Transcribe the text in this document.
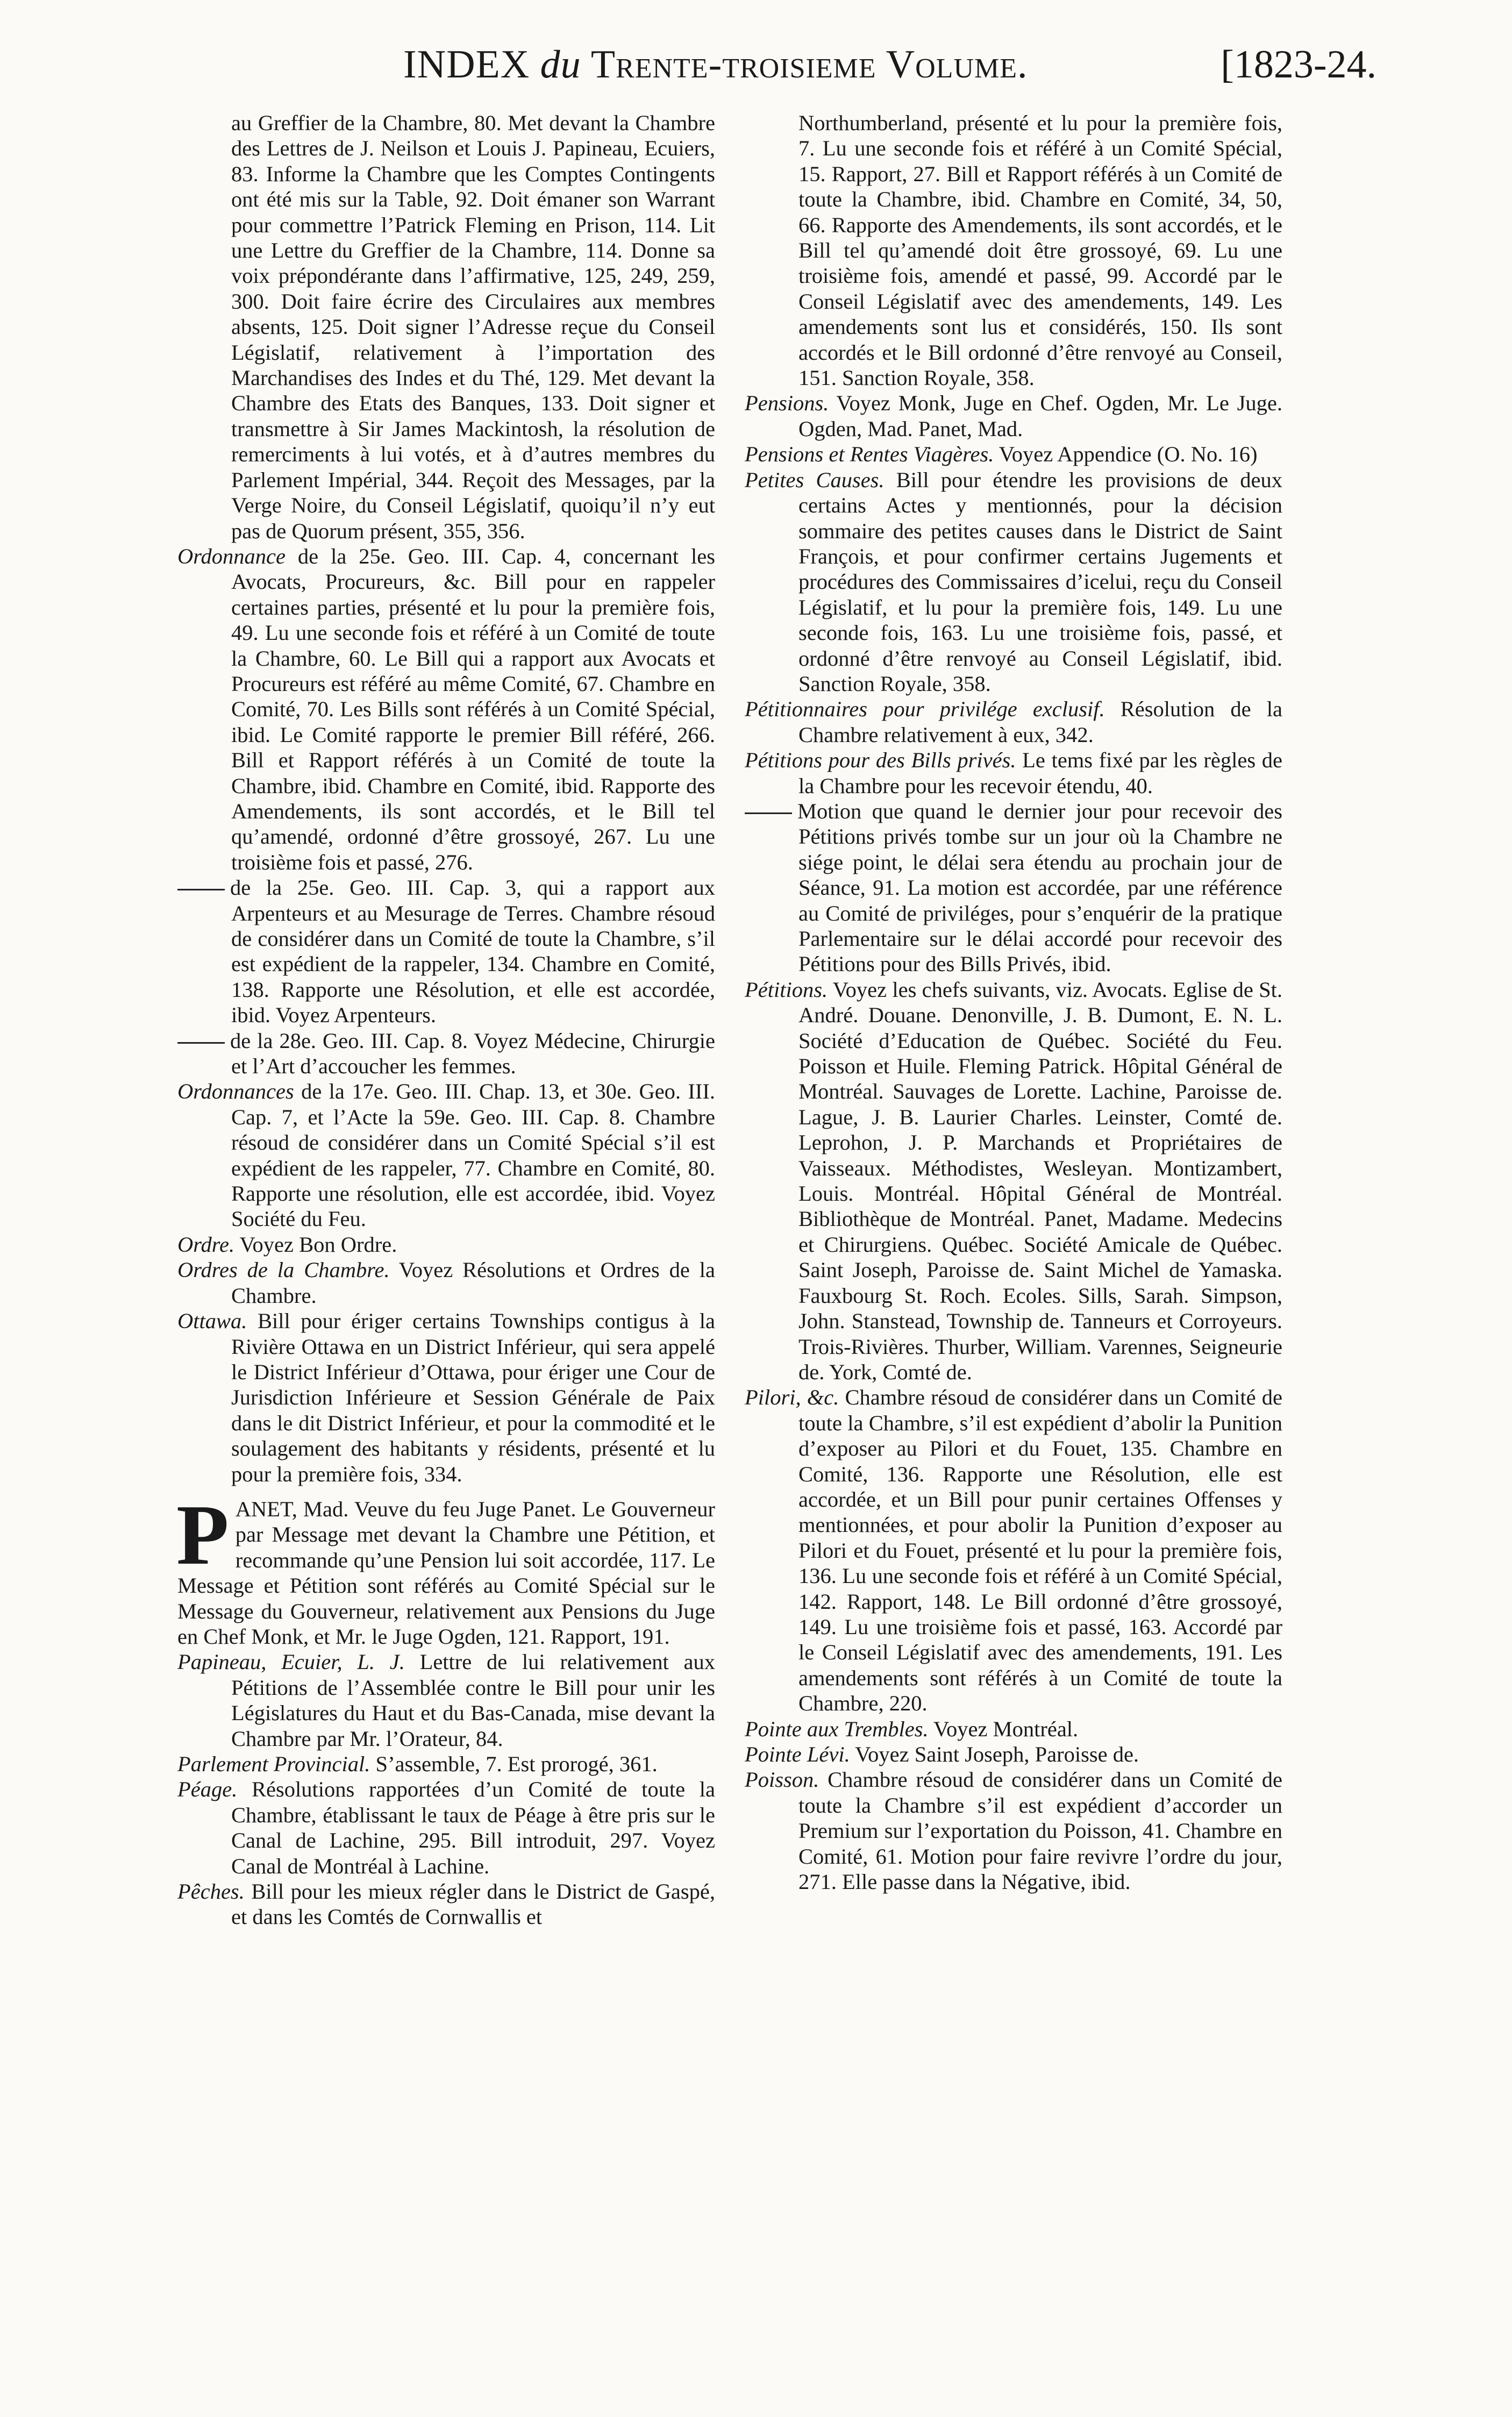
INDEX du Trente-troisieme Volume.	[1823-24.
au Greffier de la Chambre, 80. Met devant la Chambre des Lettres de J. Neilson et Louis J. Papineau, Ecuiers, 83. Informe la Chambre que les Comptes Contingents ont été mis sur la Table, 92. Doit émaner son Warrant pour commettre l’Patrick Fleming en Prison, 114. Lit une Lettre du Greffier de la Chambre, 114. Donne sa voix prépondérante dans l’affirmative, 125, 249, 259, 300. Doit faire écrire des Circulaires aux membres absents, 125. Doit signer l’Adresse reçue du Conseil Législatif, relativement à l’importation des Marchandises des Indes et du Thé, 129. Met devant la Chambre des Etats des Banques, 133. Doit signer et transmettre à Sir James Mackintosh, la résolution de remerciments à lui votés, et à d’autres membres du Parlement Impérial, 344. Reçoit des Messages, par la Verge Noire, du Conseil Législatif, quoiqu’il n’y eut pas de Quorum présent, 355, 356.
Ordonnance de la 25e. Geo. III. Cap. 4, concernant les Avocats, Procureurs, &c. Bill pour en rappeler certaines parties, présenté et lu pour la première fois, 49. Lu une seconde fois et référé à un Comité de toute la Chambre, 60. Le Bill qui a rapport aux Avocats et Procureurs est référé au même Comité, 67. Chambre en Comité, 70. Les Bills sont référés à un Comité Spécial, ibid. Le Comité rapporte le premier Bill référé, 266. Bill et Rapport référés à un Comité de toute la Chambre, ibid. Chambre en Comité, ibid. Rapporte des Amendements, ils sont accordés, et le Bill tel qu’amendé, ordonné d’être grossoyé, 267. Lu une troisième fois et passé, 276.
de la 25e. Geo. III. Cap. 3, qui a rapport aux Arpenteurs et au Mesurage de Terres. Chambre résoud de considérer dans un Comité de toute la Chambre, s’il est expédient de la rappeler, 134. Chambre en Comité, 138. Rapporte une Résolution, et elle est accordée, ibid. Voyez Arpenteurs.
de la 28e. Geo. III. Cap. 8. Voyez Médecine, Chirurgie et l’Art d’accoucher les femmes.
Ordonnances de la 17e. Geo. III. Chap. 13, et 30e. Geo. III. Cap. 7, et l’Acte la 59e. Geo. III. Cap. 8. Chambre résoud de considérer dans un Comité Spécial s’il est expédient de les rappeler, 77. Chambre en Comité, 80. Rapporte une résolution, elle est accordée, ibid. Voyez Société du Feu.
Ordre. Voyez Bon Ordre.
Ordres de la Chambre. Voyez Résolutions et Ordres de la Chambre.
Ottawa. Bill pour ériger certains Townships contigus à la Rivière Ottawa en un District Inférieur, qui sera appelé le District Inférieur d’Ottawa, pour ériger une Cour de Jurisdiction Inférieure et Session Générale de Paix dans le dit District Inférieur, et pour la commodité et le soulagement des habitants y résidents, présenté et lu pour la première fois, 334.
PANET, Mad. Veuve du feu Juge Panet. Le Gouverneur par Message met devant la Chambre une Pétition, et recommande qu’une Pension lui soit accordée, 117. Le Message et Pétition sont référés au Comité Spécial sur le Message du Gouverneur, relativement aux Pensions du Juge en Chef Monk, et Mr. le Juge Ogden, 121. Rapport, 191.
Papineau, Ecuier, L. J. Lettre de lui relativement aux Pétitions de l’Assemblée contre le Bill pour unir les Législatures du Haut et du Bas-Canada, mise devant la Chambre par Mr. l’Orateur, 84.
Parlement Provincial. S’assemble, 7. Est prorogé, 361.
Péage. Résolutions rapportées d’un Comité de toute la Chambre, établissant le taux de Péage à être pris sur le Canal de Lachine, 295. Bill introduit, 297. Voyez Canal de Montréal à Lachine.
Pêches. Bill pour les mieux régler dans le District de Gaspé, et dans les Comtés de Cornwallis et
Northumberland, présenté et lu pour la première fois, 7. Lu une seconde fois et référé à un Comité Spécial, 15. Rapport, 27. Bill et Rapport référés à un Comité de toute la Chambre, ibid. Chambre en Comité, 34, 50, 66. Rapporte des Amendements, ils sont accordés, et le Bill tel qu’amendé doit être grossoyé, 69. Lu une troisième fois, amendé et passé, 99. Accordé par le Conseil Législatif avec des amendements, 149. Les amendements sont lus et considérés, 150. Ils sont accordés et le Bill ordonné d’être renvoyé au Conseil, 151. Sanction Royale, 358.
Pensions. Voyez Monk, Juge en Chef. Ogden, Mr. Le Juge. Ogden, Mad. Panet, Mad.
Pensions et Rentes Viagères. Voyez Appendice (O. No. 16)
Petites Causes. Bill pour étendre les provisions de deux certains Actes y mentionnés, pour la décision sommaire des petites causes dans le District de Saint François, et pour confirmer certains Jugements et procédures des Commissaires d’icelui, reçu du Conseil Législatif, et lu pour la première fois, 149. Lu une seconde fois, 163. Lu une troisième fois, passé, et ordonné d’être renvoyé au Conseil Législatif, ibid. Sanction Royale, 358.
Pétitionnaires pour privilége exclusif. Résolution de la Chambre relativement à eux, 342.
Pétitions pour des Bills privés. Le tems fixé par les règles de la Chambre pour les recevoir étendu, 40.
Motion que quand le dernier jour pour recevoir des Pétitions privés tombe sur un jour où la Chambre ne siége point, le délai sera étendu au prochain jour de Séance, 91. La motion est accordée, par une référence au Comité de priviléges, pour s’enquérir de la pratique Parlementaire sur le délai accordé pour recevoir des Pétitions pour des Bills Privés, ibid.
Pétitions. Voyez les chefs suivants, viz. Avocats. Eglise de St. André. Douane. Denonville, J. B. Dumont, E. N. L. Société d’Education de Québec. Société du Feu. Poisson et Huile. Fleming Patrick. Hôpital Général de Montréal. Sauvages de Lorette. Lachine, Paroisse de. Lague, J. B. Laurier Charles. Leinster, Comté de. Leprohon, J. P. Marchands et Propriétaires de Vaisseaux. Méthodistes, Wesleyan. Montizambert, Louis. Montréal. Hôpital Général de Montréal. Bibliothèque de Montréal. Panet, Madame. Medecins et Chirurgiens. Québec. Société Amicale de Québec. Saint Joseph, Paroisse de. Saint Michel de Yamaska. Fauxbourg St. Roch. Ecoles. Sills, Sarah. Simpson, John. Stanstead, Township de. Tanneurs et Corroyeurs. Trois-Rivières. Thurber, William. Varennes, Seigneurie de. York, Comté de.
Pilori, &c. Chambre résoud de considérer dans un Comité de toute la Chambre, s’il est expédient d’abolir la Punition d’exposer au Pilori et du Fouet, 135. Chambre en Comité, 136. Rapporte une Résolution, elle est accordée, et un Bill pour punir certaines Offenses y mentionnées, et pour abolir la Punition d’exposer au Pilori et du Fouet, présenté et lu pour la première fois, 136. Lu une seconde fois et référé à un Comité Spécial, 142. Rapport, 148. Le Bill ordonné d’être grossoyé, 149. Lu une troisième fois et passé, 163. Accordé par le Conseil Législatif avec des amendements, 191. Les amendements sont référés à un Comité de toute la Chambre, 220.
Pointe aux Trembles. Voyez Montréal.
Pointe Lévi. Voyez Saint Joseph, Paroisse de.
Poisson. Chambre résoud de considérer dans un Comité de toute la Chambre s’il est expédient d’accorder un Premium sur l’exportation du Poisson, 41. Chambre en Comité, 61. Motion pour faire revivre l’ordre du jour, 271. Elle passe dans la Négative, ibid.
